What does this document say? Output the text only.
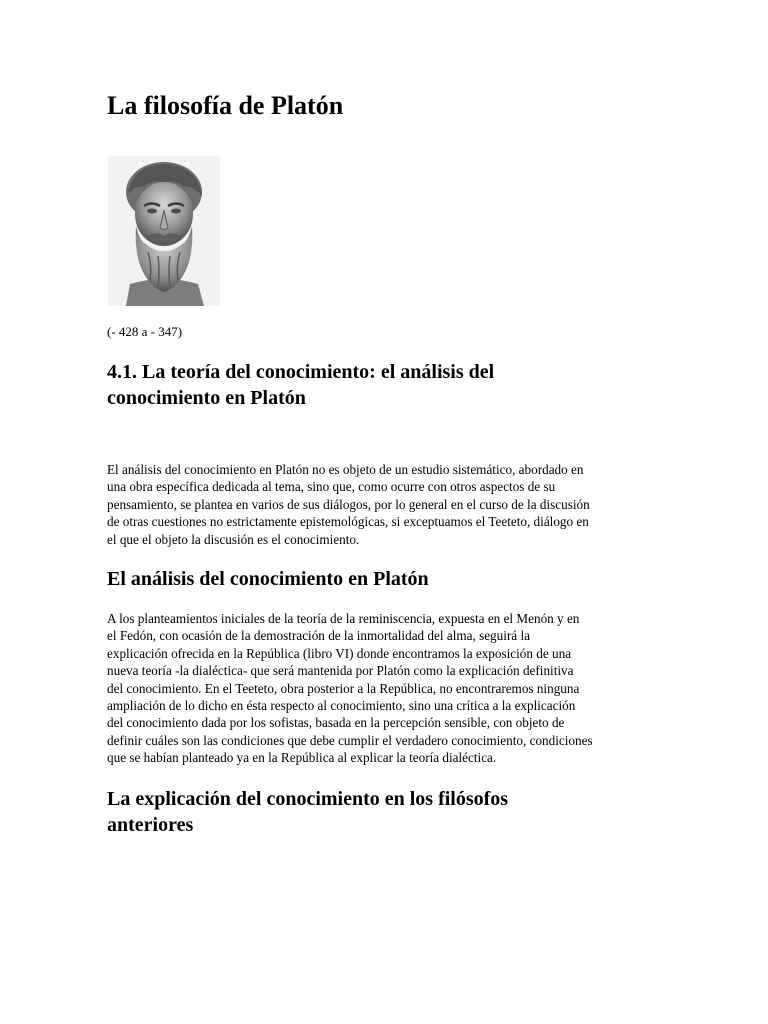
La filosofía de Platón

(- 428 a - 347)

4.1. La teoría del conocimiento: el análisis del
conocimiento en Platón

El análisis del conocimiento en Platón no es objeto de un estudio sistemático, abordado en
una obra específica dedicada al tema, sino que, como ocurre con otros aspectos de su
pensamiento, se plantea en varios de sus diálogos, por lo general en el curso de la discusión
de otras cuestiones no estrictamente epistemológicas, si exceptuamos el Teeteto, diálogo en
el que el objeto la discusión es el conocimiento.

El análisis del conocimiento en Platón

A los planteamientos iniciales de la teoría de la reminiscencia, expuesta en el Menón y en
el Fedón, con ocasión de la demostración de la inmortalidad del alma, seguirá la
explicación ofrecida en la República (libro VI) donde encontramos la exposición de una
nueva teoría -la dialéctica- que será mantenida por Platón como la explicación definitiva
del conocimiento. En el Teeteto, obra posterior a la República, no encontraremos ninguna
ampliación de lo dicho en ésta respecto al conocimiento, sino una crítica a la explicación
del conocimiento dada por los sofistas, basada en la percepción sensible, con objeto de
definir cuáles son las condiciones que debe cumplir el verdadero conocimiento, condiciones
que se habían planteado ya en la República al explicar la teoría dialéctica.

La explicación del conocimiento en los filósofos
anteriores
